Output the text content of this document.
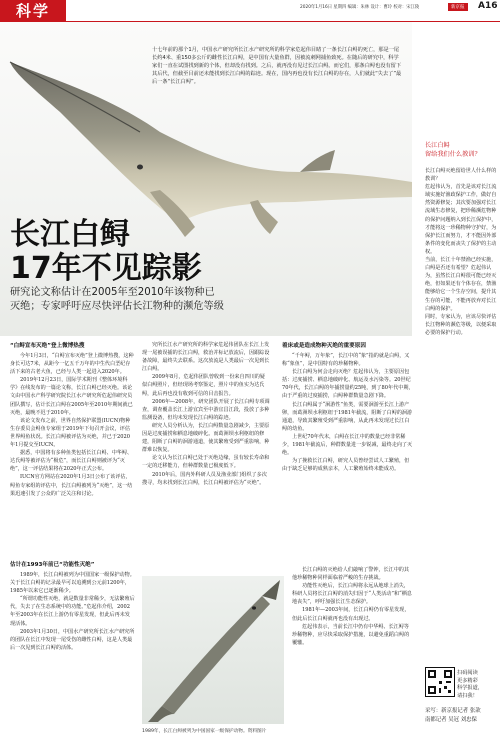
科学	2020年1月16日 星期四 编辑：朱林 设计：曹玲 校对：宋江陵	新京报	A16
十七年前的那个1月，中国水产研究所长江水产研究所的科学家危起伟目睹了一条长江白鲟的死亡，那是一尾长约4米、重150多公斤的雌性长江白鲟，是中国有大量鱼群，因被流刺网捕鱼致死。在随后的研究中，科学家们一直在试图找到新的个体，但却没有找到。之后，就再没有见过长江白鲟。而它们，那条白鲟也没有留下其后代，但截至目前还未能找到长江白鲟的踪迹。现在，国内再也没有长江白鲟的存在，人们就此“失去了”最后一条“长江白鲟”。
长江白鲟
17年不见踪影
研究论文称估计在2005年至2010年该物种已
灭绝；专家呼吁应尽快评估长江物种的濒危等级
长江白鲟
留给我们什么教训？
长江白鲟灭绝留给世人什么样的教训？
危起伟认为，首先是该对长江流域实施好渔政保护工作，做好自然资源修复；其次要加强对长江流域生态修复，把珍稀濒危物种的保护问题纳入到长江保护中，才能将这一珍稀物种守护好，为保护长江而努力，才不能因外部条件的变化而丧失了保护的主动权。
当前，长江十年禁渔已经实施，白鲟是否还有希望？危起伟认为，虽然长江白鲟很可能已经灭绝，但如果还有个体存在，禁渔能够给它一个生存空间，提升其生存的可能，不能再放弃对长江白鲟的保护。
同时，专家认为，应该尽快评估长江物种的濒危等级，以便采取必要的保护行动。
“白鲟宣布灭绝”登上微博热搜

今年1月3日，“白鲟宣布灭绝”登上微博热搜，这种身长可达7米，从距今一亿五千万年的中生代白垩纪存活下来的古老大鱼，已经与人类一起进入2020年。

2019年12月23日，国际学术期刊《整体环境科学》在线发布的一篇论文称，长江白鲟已经灭绝。该论文由中国水产科学研究院长江水产研究所危起伟研究员团队撰写，估计长江白鲟在2005年至2010年期间就已灭绝，最晚不迟于2010年。

该论文发布之前，世界自然保护联盟(IUCN)物种生存委员会鲟鱼专家组于2019年下旬召开会议，评估世界鲟鱼状况。长江白鲟被评估为灭绝，并已于2020年1月提交至IUCN。

据悉，中国将有多种鱼类包括长江白鲟、中华鲟、达氏鲟等被评估为“极危”，而长江白鲟则被评为“灭绝”，这一评估结果将在2020年正式公布。

IUCN官方网站在2020年1月3日公布了该评估，鲟鱼专家组的评估中，长江白鲟被列为“灭绝”，这一结果迅速引发了公众的广泛关注和讨论。

估计在1993年前已“功能性灭绝”

1989年，长江白鲟被列为中国国家一级保护动物。关于长江白鲟的记录最早可以追溯到公元前1200年，1985年以来它已逐渐稀少。

“所谓功能性灭绝，就是数量非常稀少，无法繁殖后代，失去了在生态系统中的功能。”危起伟介绍，2002年至2003年在长江上游仍有零星发现，但此后再未发现活体。

2003年1月30日，中国水产研究所长江水产研究所的团队在长江中发现一尾受伤的雌性白鲟，这是人类最后一次见到长江白鲟的活体。

究所长江水产研究所的科学家危起伟团队在长江上发现一尾被误捕的长江白鲟，救治并标记放流后，因跟踪设备故障，最终失去联系。这次放流是人类最后一次见到长江白鲟。

2009年8月，危起伟团队曾收到一份来自四川的疑似白鲟照片，但经现场考察鉴定，照片中的鱼实为达氏鲟，此后再也没有收到可信的目击报告。

2006年—2008年，研究团队开展了长江白鲟专项调查，调查覆盖长江上游宜宾至中游宜昌江段，投放了多种监测设备，但均未发现长江白鲟的踪迹。

研究人员分析认为，长江白鲟数量急剧减少，主要原因是过度捕捞和栖息地破碎化。而葛洲坝水利枢纽的修建，阻断了白鲟的洄游通道，使其繁殖受到严重影响，种群难以恢复。

论文认为长江白鲟已处于灭绝边缘，虽有较长寿命和一定的迁移能力，但种群数量已极度低下。

2010年后，国内外科研人员及渔业部门组织了多次搜寻，均未找到长江白鲟，长江白鲟被评估为“灭绝”。

着床或是造成物种灭绝的重要原因

“千年鲟，万年象”，长江中的“象”指的就是白鲟，又称“象鱼”，是中国特有的珍稀物种。

长江白鲟为何会走向灭绝？危起伟认为，主要原因包括：过度捕捞、栖息地破碎化、航运及水污染等。20世纪70年代，长江白鲟的年捕捞量约25吨，到了80年代中期，由于严重的过度捕捞，白鲟种群数量急剧下降。

长江白鲟属于“洄游性”鱼类，需要洄游至长江上游产卵，而葛洲坝水利枢纽于1981年截流，阻断了白鲟的洄游通道，导致其繁殖受到严重影响，从此再未发现过长江白鲟的幼鱼。

上世纪70年代末，白鲟在长江中的数量已经非常稀少，1981年截流后，种群数量进一步锐减，最终走向了灭绝。

为了挽救长江白鲟，研究人员曾经尝试人工繁殖，但由于缺乏足够的成熟亲本，人工繁殖始终未能成功。

长江白鲟的灭绝给人们敲响了警钟，长江中的其他珍稀物种同样面临着严峻的生存挑战。

功能性灭绝后，长江白鲟将永远从地球上消失，科研人员将长江白鲟的消失归因于“人类活动”和“栖息地丧失”，呼吁加强长江生态保护。

1981年—2003年间，长江白鲟仍有零星发现，但此后长江白鲟就再也没有出现过。

危起伟表示，当前长江中仍有中华鲟、长江鲟等珍稀物种，应尽快采取保护措施，以避免重蹈白鲟的覆辙。

1989年，长江白鲟被列为中国国家一级保护动物。资料图片
扫码阅读
更多精彩
科学报道，
请扫我！
采写：新京报记者 张歆
南都记者 吴冠 刘忠保
